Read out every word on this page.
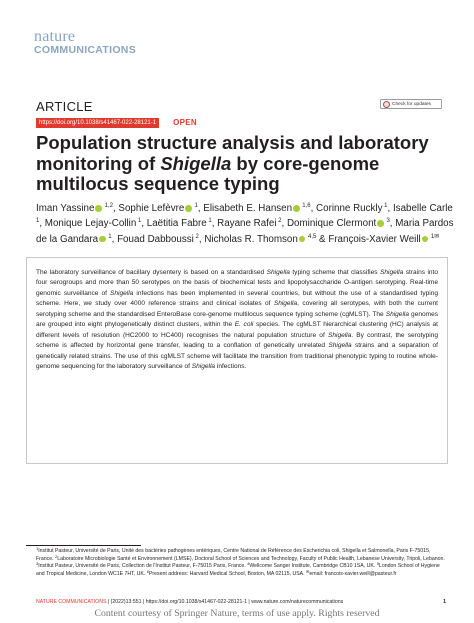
nature
COMMUNICATIONS
ARTICLE	Check for updates
https://doi.org/10.1038/s41467-022-28121-1	OPEN
Population structure analysis and laboratory monitoring of Shigella by core-genome multilocus sequence typing
Iman Yassine $^{1,2}$, Sophie Lefèvre $^1$, Elisabeth E. Hansen $^{1,6}$, Corinne Ruckly $^1$, Isabelle Carle $^1$, Monique Lejay-Collin $^1$, Laëtitia Fabre $^1$, Rayane Rafei $^2$, Dominique Clermont $^3$, Maria Pardos de la Gandara $^1$, Fouad Dabboussi $^2$, Nicholas R. Thomson $^{4,5}$ & François-Xavier Weill $^{1✉}$

The laboratory surveillance of bacillary dysentery is based on a standardised Shigella typing scheme that classifies Shigella strains into four serogroups and more than 50 serotypes on the basis of biochemical tests and lipopolysaccharide O-antigen serotyping. Real-time genomic surveillance of Shigella infections has been implemented in several countries, but without the use of a standardised typing scheme. Here, we study over 4000 reference strains and clinical isolates of Shigella, covering all serotypes, with both the current serotyping scheme and the standardised EnteroBase core-genome multilocus sequence typing scheme (cgMLST). The Shigella genomes are grouped into eight phylogenetically distinct clusters, within the E. coli species. The cgMLST hierarchical clustering (HC) analysis at different levels of resolution (HC2000 to HC400) recognises the natural population structure of Shigella. By contrast, the serotyping scheme is affected by horizontal gene transfer, leading to a conflation of genetically unrelated Shigella strains and a separation of genetically related strains. The use of this cgMLST scheme will facilitate the transition from traditional phenotypic typing to routine whole-genome sequencing for the laboratory surveillance of Shigella infections.

$^1$Institut Pasteur, Université de Paris, Unité des bactéries pathogènes entériques, Centre National de Référence des Escherichia coli, Shigella et Salmonella, Paris F-75015, France. $^2$Laboratoire Microbiologie Santé et Environnement (LMSE), Doctoral School of Sciences and Technology, Faculty of Public Health, Lebanese University, Tripoli, Lebanon. $^3$Institut Pasteur, Université de Paris, Collection de l'Institut Pasteur, F-75015 Paris, France. $^4$Wellcome Sanger Institute, Cambridge CB10 1SA, UK. $^5$London School of Hygiene and Tropical Medicine, London WC1E 7HT, UK. $^6$Present address: Harvard Medical School, Boston, MA 02115, USA. ✉email: francois-xavier.weill@pasteur.fr
NATURE COMMUNICATIONS | (2022)13:551 | https://doi.org/10.1038/s41467-022-28121-1 | www.nature.com/naturecommunications	1
Content courtesy of Springer Nature, terms of use apply. Rights reserved
